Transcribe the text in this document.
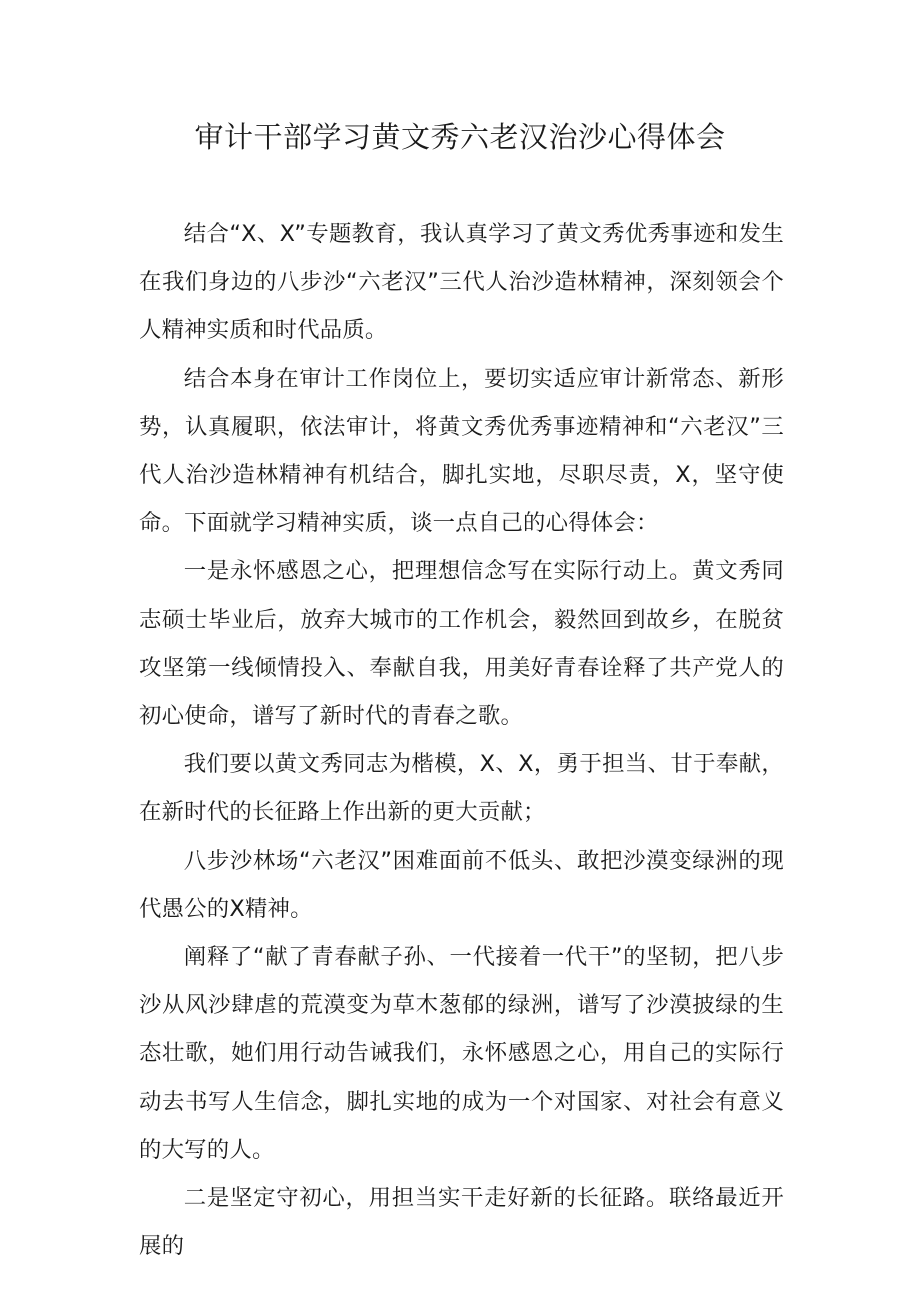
审计干部学习黄文秀六老汉治沙心得体会

结合“X、X”专题教育，我认真学习了黄文秀优秀事迹和发生在我们身边的八步沙“六老汉”三代人治沙造林精神，深刻领会个人精神实质和时代品质。

结合本身在审计工作岗位上，要切实适应审计新常态、新形势，认真履职，依法审计，将黄文秀优秀事迹精神和“六老汉”三代人治沙造林精神有机结合，脚扎实地，尽职尽责，X，坚守使命。下面就学习精神实质，谈一点自己的心得体会：

一是永怀感恩之心，把理想信念写在实际行动上。黄文秀同志硕士毕业后，放弃大城市的工作机会，毅然回到故乡，在脱贫攻坚第一线倾情投入、奉献自我，用美好青春诠释了共产党人的初心使命，谱写了新时代的青春之歌。

我们要以黄文秀同志为楷模，X、X，勇于担当、甘于奉献，在新时代的长征路上作出新的更大贡献；

八步沙林场“六老汉”困难面前不低头、敢把沙漠变绿洲的现代愚公的X精神。

阐释了“献了青春献子孙、一代接着一代干”的坚韧，把八步沙从风沙肆虐的荒漠变为草木葱郁的绿洲，谱写了沙漠披绿的生态壮歌，她们用行动告诫我们，永怀感恩之心，用自己的实际行动去书写人生信念，脚扎实地的成为一个对国家、对社会有意义的大写的人。

二是坚定守初心，用担当实干走好新的长征路。联络最近开展的
